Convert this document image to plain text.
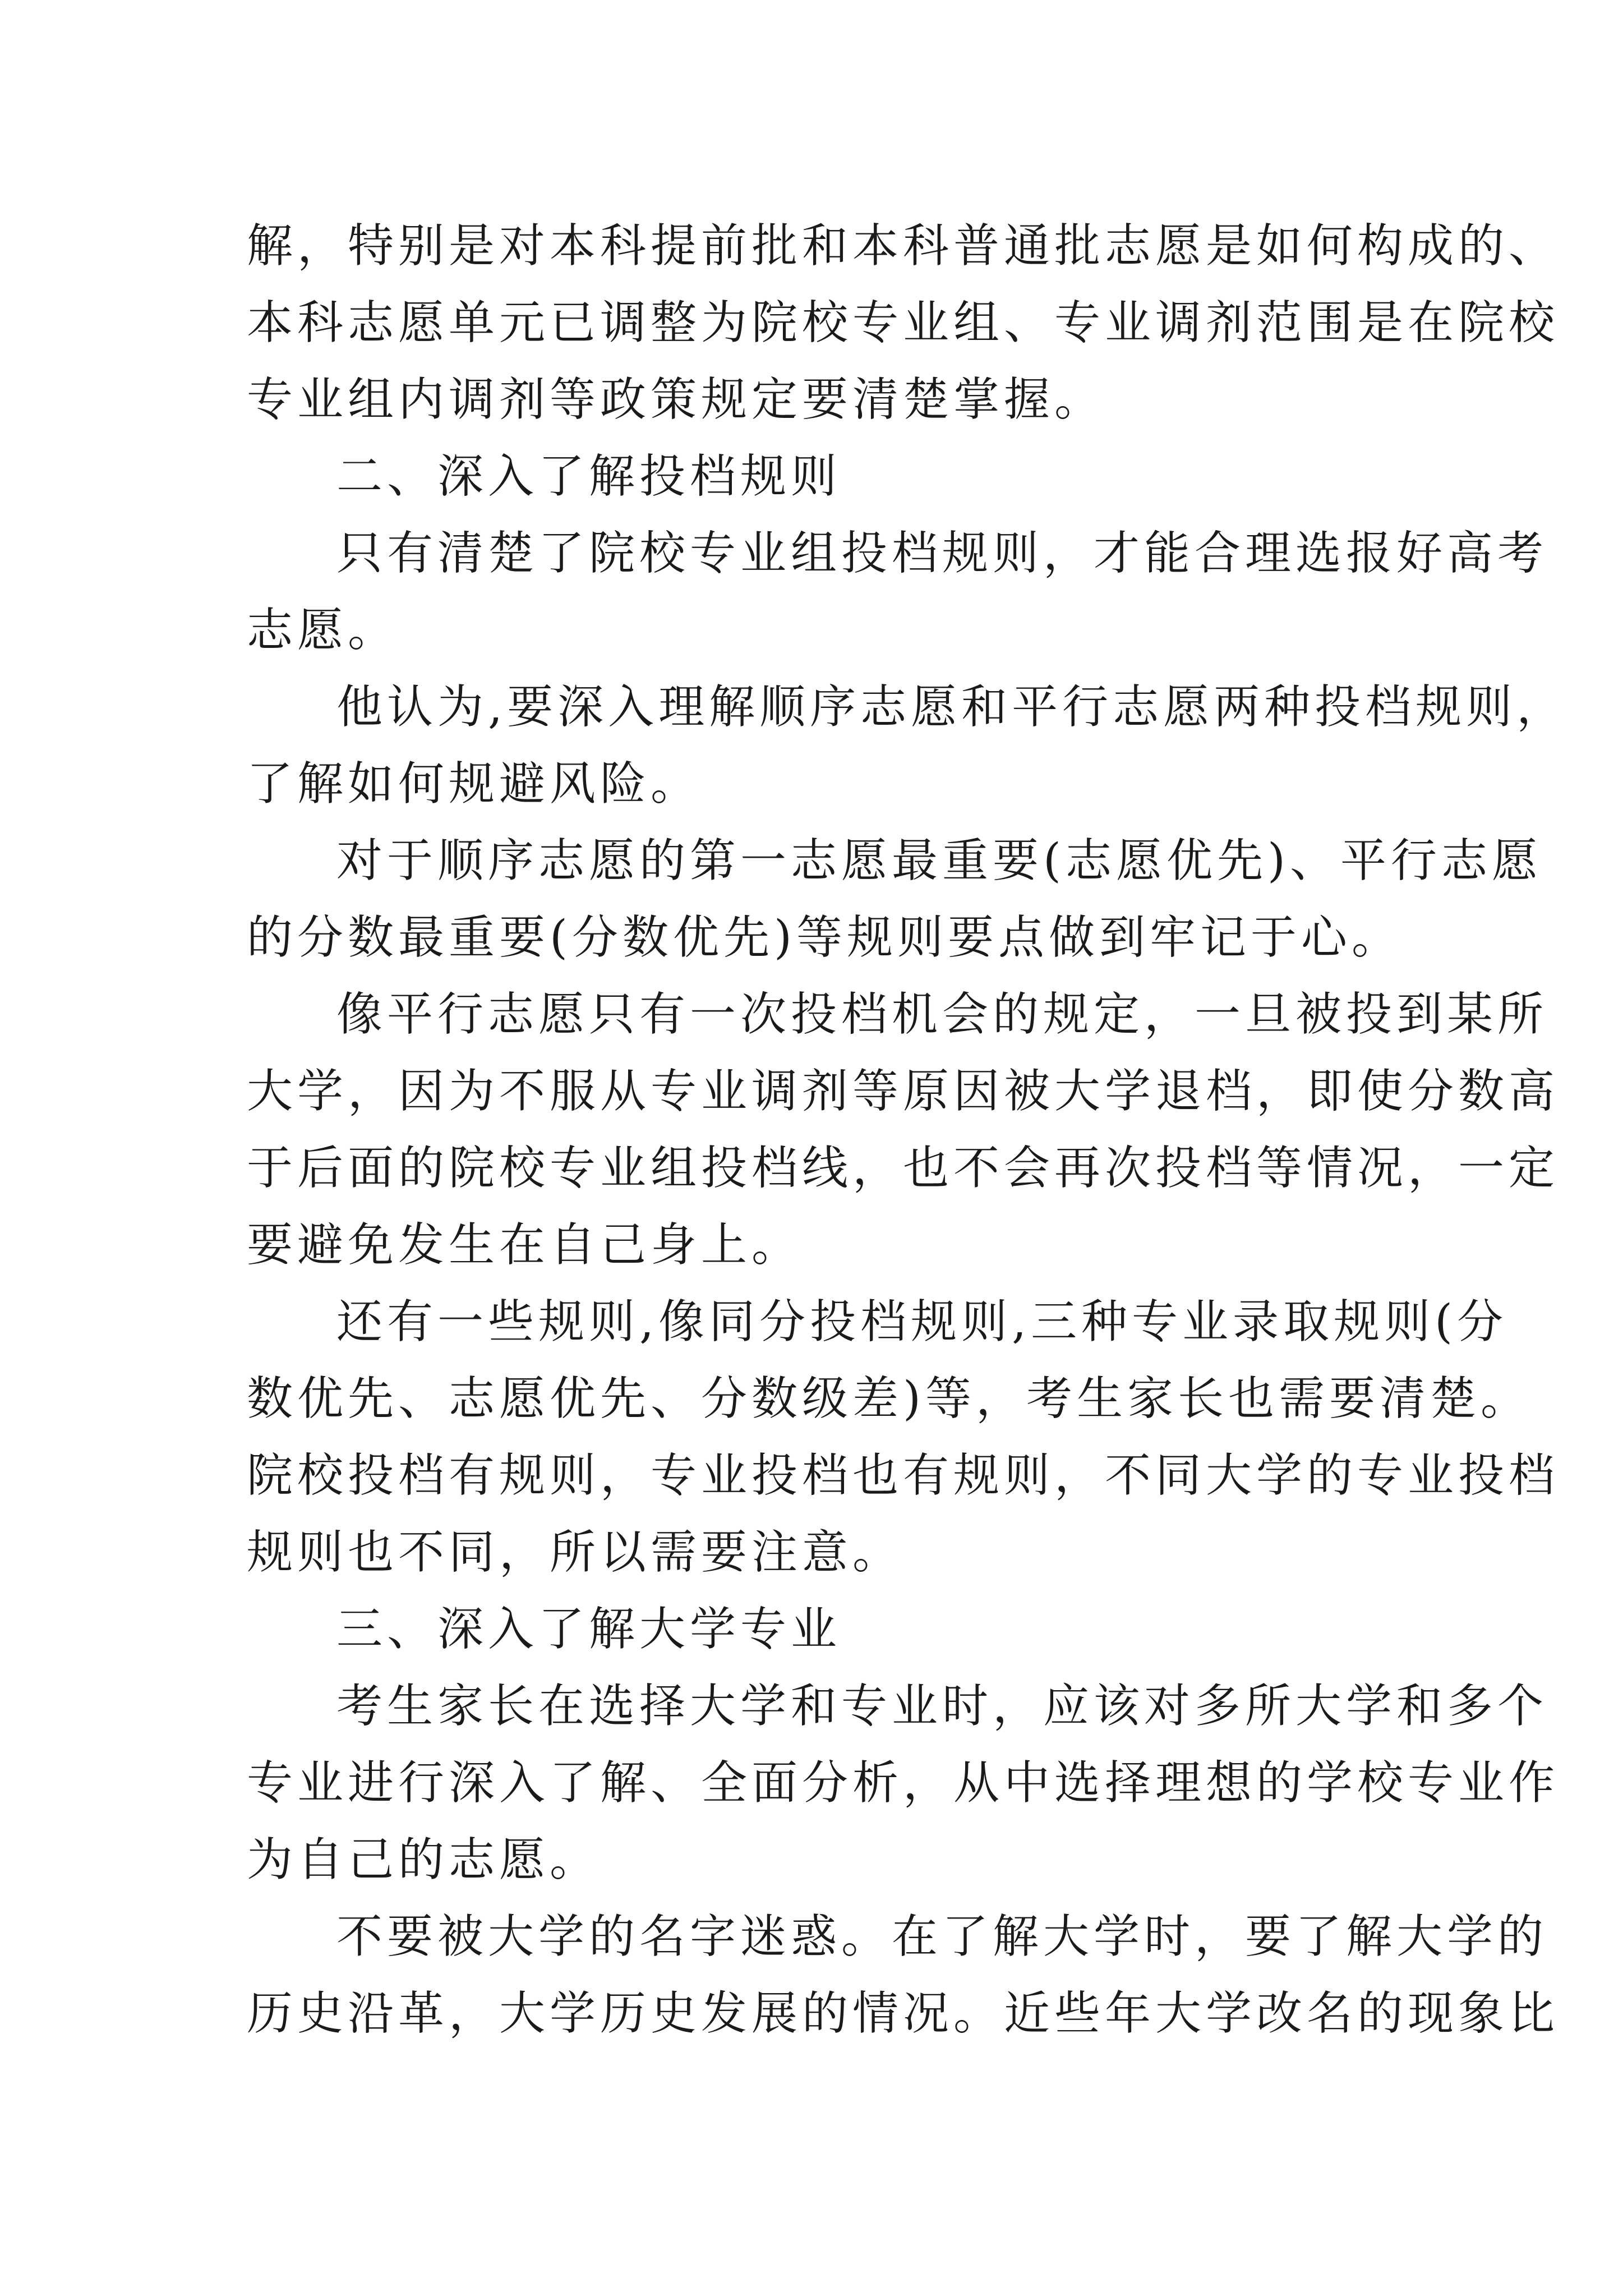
解，特别是对本科提前批和本科普通批志愿是如何构成的、
本科志愿单元已调整为院校专业组、专业调剂范围是在院校
专业组内调剂等政策规定要清楚掌握。
二、深入了解投档规则
只有清楚了院校专业组投档规则，才能合理选报好高考
志愿。
他认为,要深入理解顺序志愿和平行志愿两种投档规则，
了解如何规避风险。
对于顺序志愿的第一志愿最重要(志愿优先)、平行志愿
的分数最重要(分数优先)等规则要点做到牢记于心。
像平行志愿只有一次投档机会的规定，一旦被投到某所
大学，因为不服从专业调剂等原因被大学退档，即使分数高
于后面的院校专业组投档线，也不会再次投档等情况，一定
要避免发生在自己身上。
还有一些规则,像同分投档规则,三种专业录取规则(分
数优先、志愿优先、分数级差)等，考生家长也需要清楚。
院校投档有规则，专业投档也有规则，不同大学的专业投档
规则也不同，所以需要注意。
三、深入了解大学专业
考生家长在选择大学和专业时，应该对多所大学和多个
专业进行深入了解、全面分析，从中选择理想的学校专业作
为自己的志愿。
不要被大学的名字迷惑。在了解大学时，要了解大学的
历史沿革，大学历史发展的情况。近些年大学改名的现象比
